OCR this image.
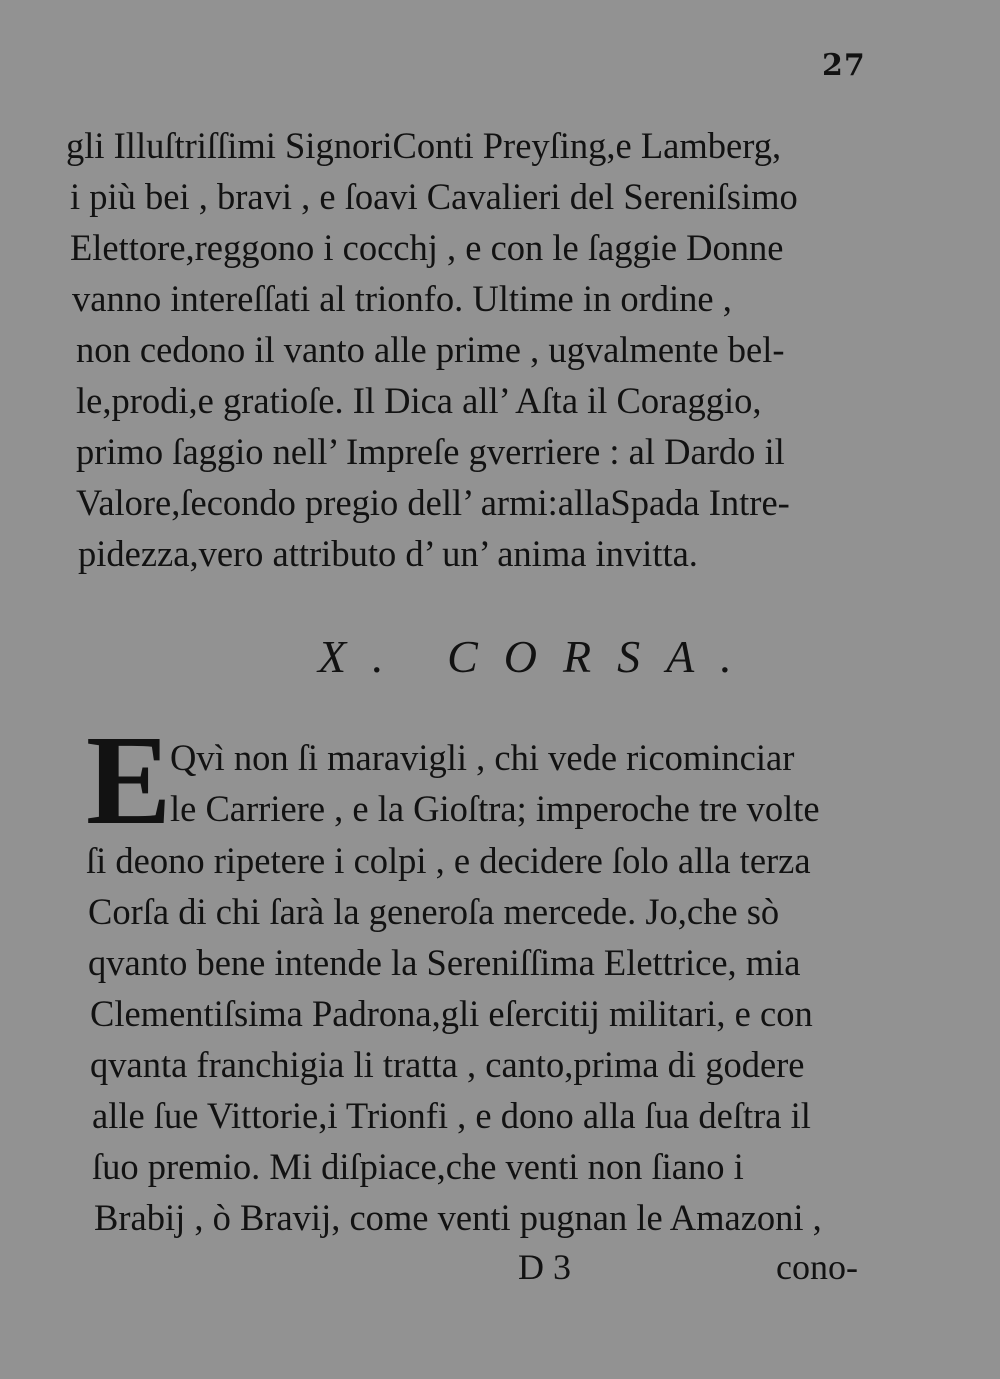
27
gli Illuſtriſſimi SignoriConti Preyſing,e Lamberg,
i più bei , bravi , e ſoavi Cavalieri del Sereniſsimo
Elettore,reggono i cocchj , e con le ſaggie Donne
vanno intereſſati al trionfo. Ultime in ordine ,
non cedono il vanto alle prime , ugvalmente bel-
le,prodi,e gratioſe. Il Dica all’ Aſta il Coraggio,
primo ſaggio nell’ Impreſe gverriere : al Dardo il
Valore,ſecondo pregio dell’ armi:allaSpada Intre-
pidezza,vero attributo d’ un’ anima invitta.
X. CORSA.
E
Qvì non ſi maravigli , chi vede ricominciar
le Carriere , e la Gioſtra; imperoche tre volte
ſi deono ripetere i colpi , e decidere ſolo alla terza
Corſa di chi ſarà la generoſa mercede. Jo,che sò
qvanto bene intende la Sereniſſima Elettrice, mia
Clementiſsima Padrona,gli eſercitij militari, e con
qvanta franchigia li tratta , canto,prima di godere
alle ſue Vittorie,i Trionfi , e dono alla ſua deſtra il
ſuo premio. Mi diſpiace,che venti non ſiano i
Brabij , ò Bravij, come venti pugnan le Amazoni ,
D 3	cono-
